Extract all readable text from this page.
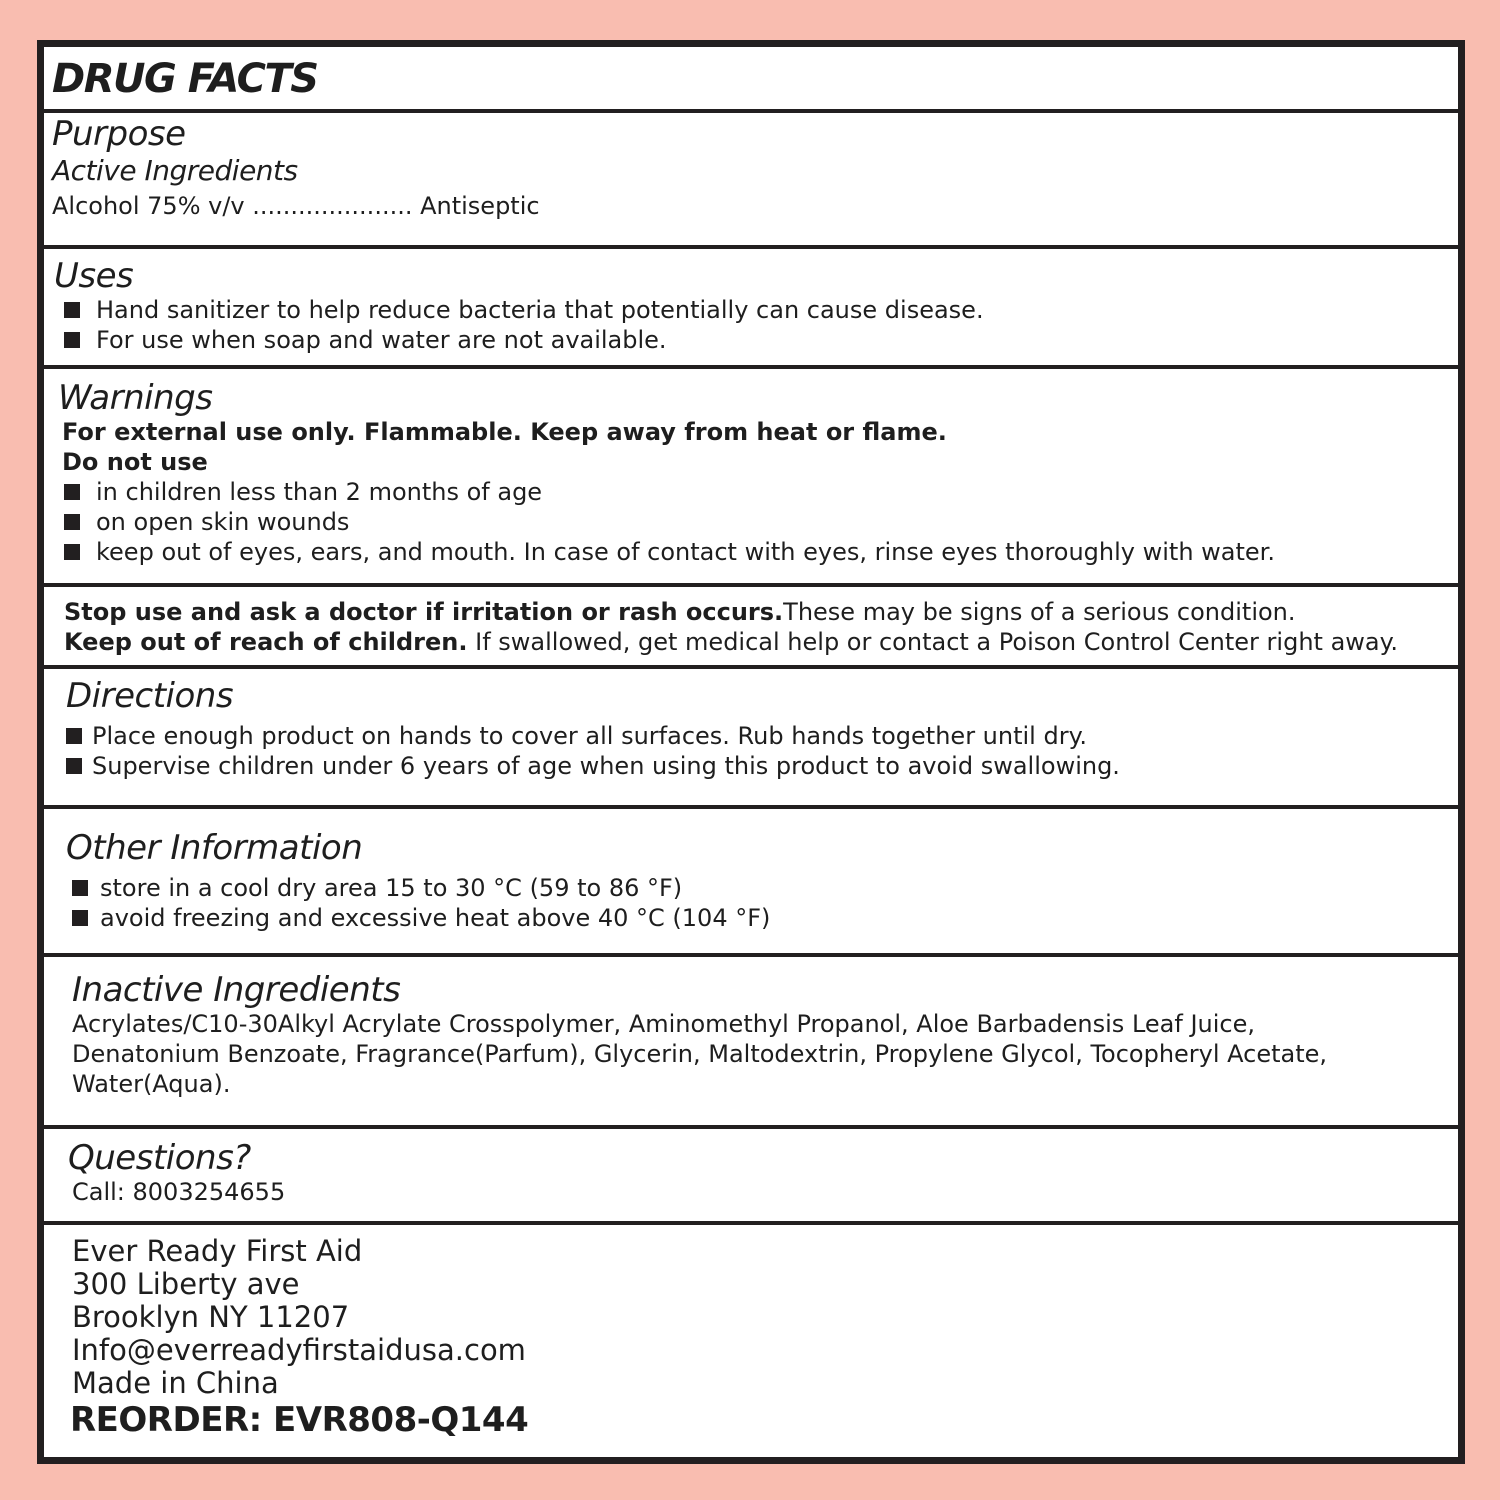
DRUG FACTS
Purpose
Active Ingredients
Alcohol 75% v/v ..................... Antiseptic
Uses
Hand sanitizer to help reduce bacteria that potentially can cause disease.
For use when soap and water are not available.
Warnings
For external use only. Flammable. Keep away from heat or flame.
Do not use
in children less than 2 months of age
on open skin wounds
keep out of eyes, ears, and mouth. In case of contact with eyes, rinse eyes thoroughly with water.
Stop use and ask a doctor if irritation or rash occurs.These may be signs of a serious condition.
Keep out of reach of children. If swallowed, get medical help or contact a Poison Control Center right away.
Directions
Place enough product on hands to cover all surfaces. Rub hands together until dry.
Supervise children under 6 years of age when using this product to avoid swallowing.
Other Information
store in a cool dry area 15 to 30 °C (59 to 86 °F)
avoid freezing and excessive heat above 40 °C (104 °F)
Inactive Ingredients
Acrylates/C10-30Alkyl Acrylate Crosspolymer, Aminomethyl Propanol, Aloe Barbadensis Leaf Juice,
Denatonium Benzoate, Fragrance(Parfum), Glycerin, Maltodextrin, Propylene Glycol, Tocopheryl Acetate,
Water(Aqua).
Questions?
Call: 8003254655
Ever Ready First Aid
300 Liberty ave
Brooklyn NY 11207
Info@everreadyfirstaidusa.com
Made in China
REORDER: EVR808-Q144
